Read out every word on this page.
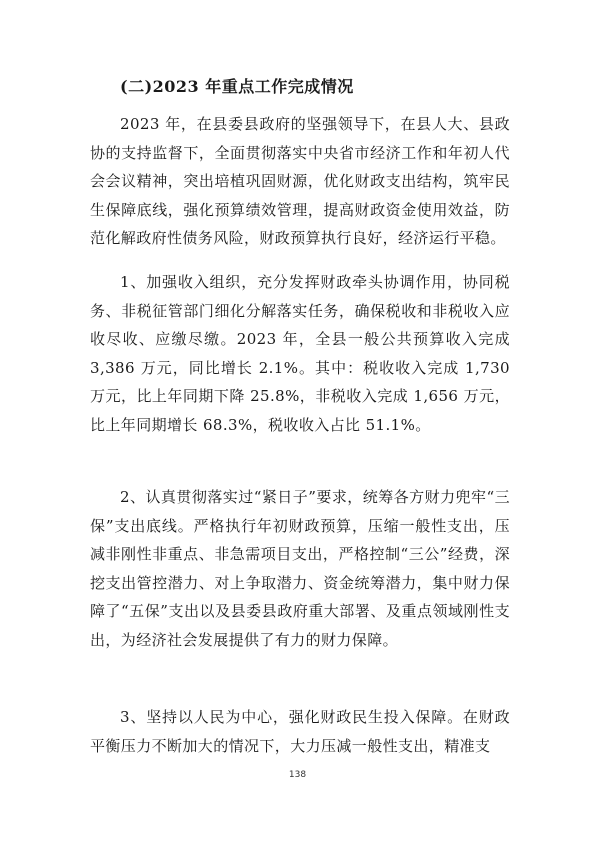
(二)2023 年重点工作完成情况

2023 年，在县委县政府的坚强领导下，在县人大、县政协的支持监督下，全面贯彻落实中央省市经济工作和年初人代会会议精神，突出培植巩固财源，优化财政支出结构，筑牢民生保障底线，强化预算绩效管理，提高财政资金使用效益，防范化解政府性债务风险，财政预算执行良好，经济运行平稳。

1、加强收入组织，充分发挥财政牵头协调作用，协同税务、非税征管部门细化分解落实任务，确保税收和非税收入应收尽收、应缴尽缴。2023 年，全县一般公共预算收入完成 3,386 万元，同比增长 2.1%。其中：税收收入完成 1,730 万元，比上年同期下降 25.8%，非税收入完成 1,656 万元，比上年同期增长 68.3%，税收收入占比 51.1%。

2、认真贯彻落实过“紧日子”要求，统筹各方财力兜牢“三保”支出底线。严格执行年初财政预算，压缩一般性支出，压减非刚性非重点、非急需项目支出，严格控制“三公”经费，深挖支出管控潜力、对上争取潜力、资金统筹潜力，集中财力保障了“五保”支出以及县委县政府重大部署、及重点领域刚性支出，为经济社会发展提供了有力的财力保障。

3、坚持以人民为中心，强化财政民生投入保障。在财政平衡压力不断加大的情况下，大力压减一般性支出，精准支

138
